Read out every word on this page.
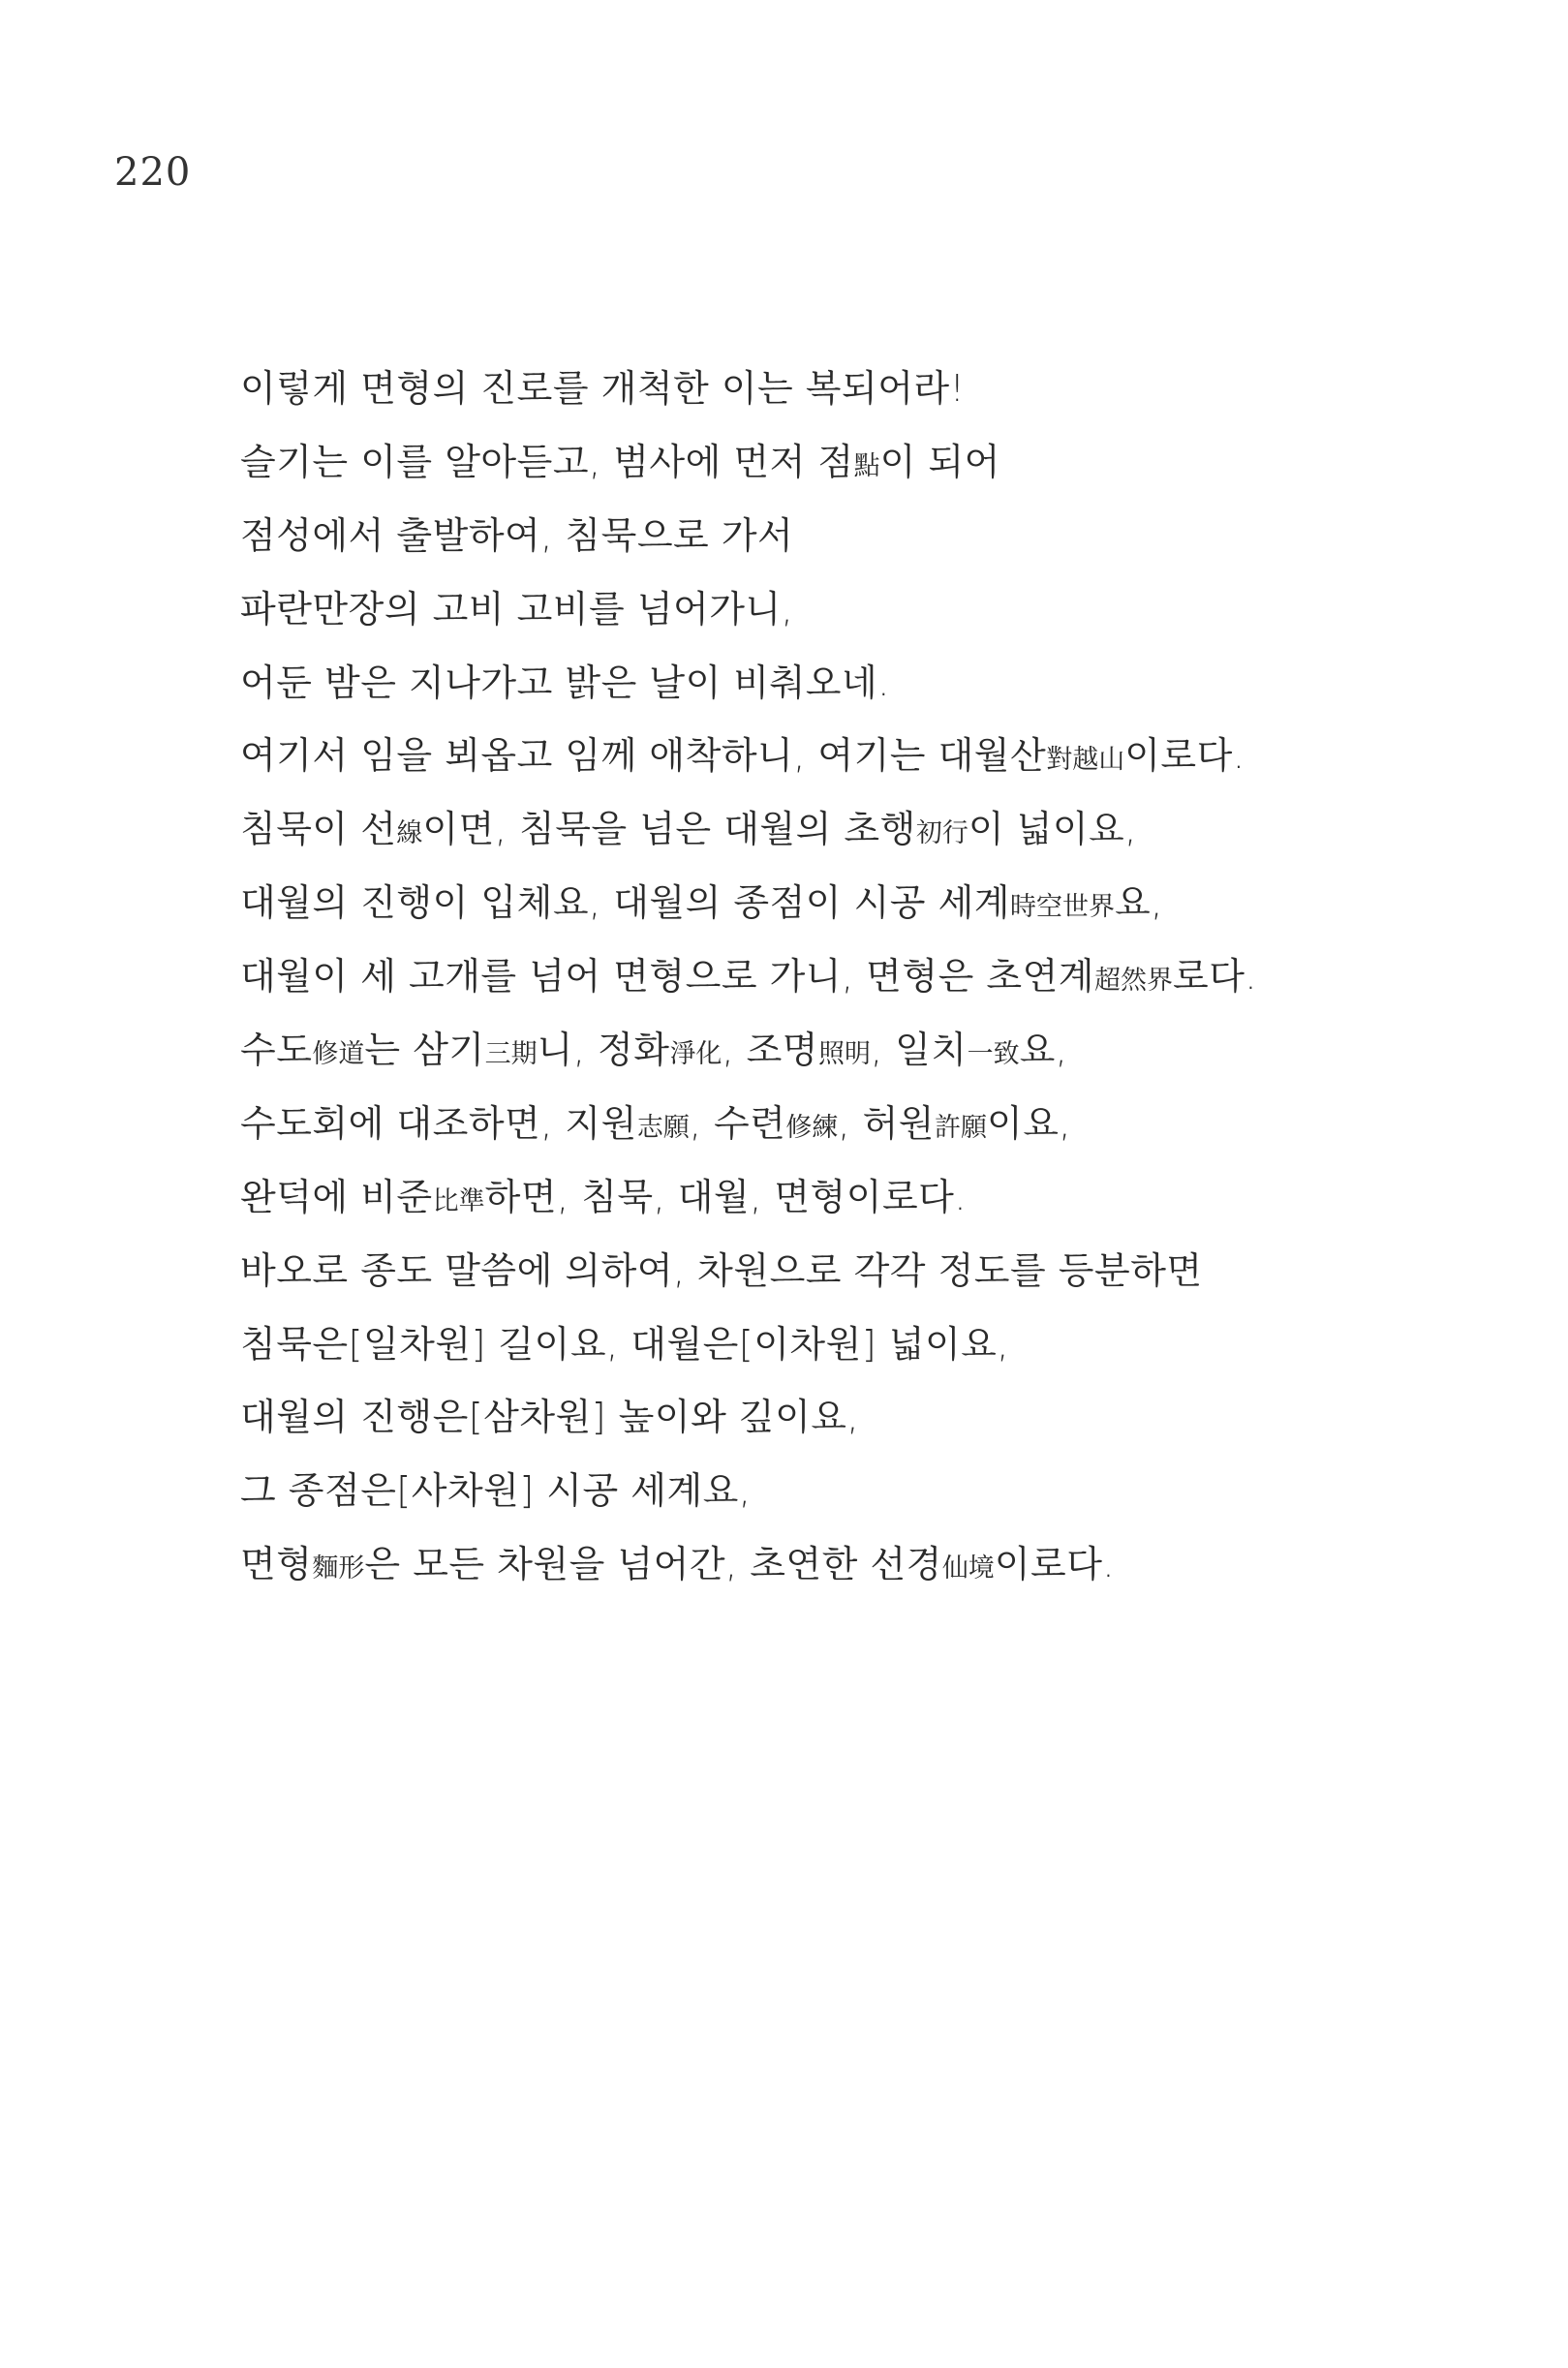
220
이렇게 면형의 진로를 개척한 이는 복되어라!
슬기는 이를 알아듣고, 범사에 먼저 점點이 되어
점성에서 출발하여, 침묵으로 가서
파란만장의 고비 고비를 넘어가니,
어둔 밤은 지나가고 밝은 날이 비춰오네.
여기서 임을 뵈옵고 임께 애착하니, 여기는 대월산對越山이로다.
침묵이 선線이면, 침묵을 넘은 대월의 초행初行이 넓이요,
대월의 진행이 입체요, 대월의 종점이 시공 세계時空世界요,
대월이 세 고개를 넘어 면형으로 가니, 면형은 초연계超然界로다.
수도修道는 삼기三期니, 정화淨化, 조명照明, 일치一致요,
수도회에 대조하면, 지원志願, 수련修練, 허원許願이요,
완덕에 비준比準하면, 침묵, 대월, 면형이로다.
바오로 종도 말씀에 의하여, 차원으로 각각 정도를 등분하면
침묵은[일차원] 길이요, 대월은[이차원] 넓이요,
대월의 진행은[삼차원] 높이와 깊이요,
그 종점은[사차원] 시공 세계요,
면형麵形은 모든 차원을 넘어간, 초연한 선경仙境이로다.
